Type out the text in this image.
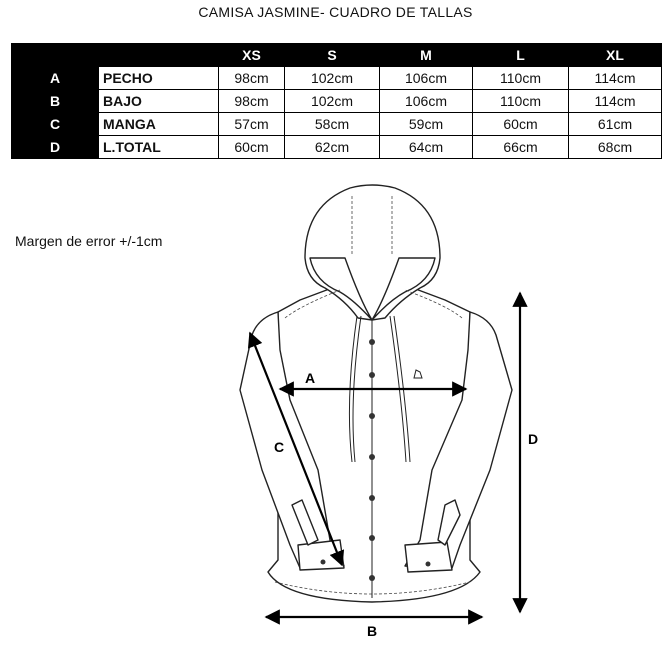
CAMISA JASMINE- CUADRO DE TALLAS
		XS	S	M	L	XL
A	PECHO	98cm	102cm	106cm	110cm	114cm
B	BAJO	98cm	102cm	106cm	110cm	114cm
C	MANGA	57cm	58cm	59cm	60cm	61cm
D	L.TOTAL	60cm	62cm	64cm	66cm	68cm
Margen de error +/-1cm
A
B
C	D
